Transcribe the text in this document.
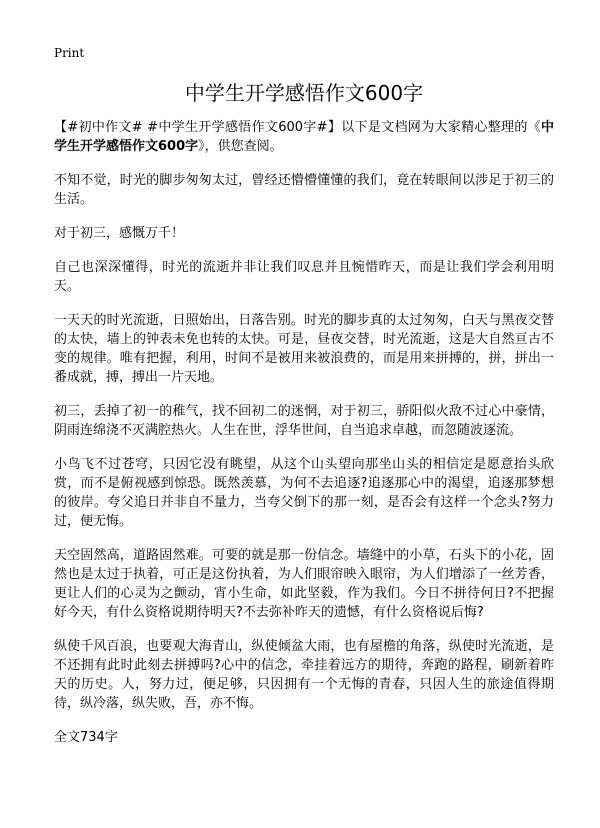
Print
中学生开学感悟作文600字

【#初中作文# #中学生开学感悟作文600字#】以下是文档网为大家精心整理的《中学生开学感悟作文600字》，供您查阅。

不知不觉，时光的脚步匆匆太过，曾经还懵懵懂懂的我们，竟在转眼间以涉足于初三的生活。

对于初三，感慨万千！

自己也深深懂得，时光的流逝并非让我们叹息并且惋惜昨天，而是让我们学会利用明天。

一天天的时光流逝，日照始出，日落告别。时光的脚步真的太过匆匆，白天与黑夜交替的太快，墙上的钟表未免也转的太快。可是，昼夜交替，时光流逝，这是大自然亘古不变的规律。唯有把握，利用，时间不是被用来被浪费的，而是用来拼搏的，拼，拼出一番成就，搏，搏出一片天地。

初三，丢掉了初一的稚气，找不回初二的迷惘，对于初三，骄阳似火敌不过心中豪情，阴雨连绵浇不灭满腔热火。人生在世，浮华世间，自当追求卓越，而忽随波逐流。

小鸟飞不过苍穹，只因它没有眺望，从这个山头望向那坐山头的相信定是愿意抬头欣赏，而不是俯视感到惊恐。既然羡慕，为何不去追逐?追逐那心中的渴望，追逐那梦想的彼岸。夸父追日并非自不量力，当夸父倒下的那一刻，是否会有这样一个念头?努力过，便无悔。

天空固然高，道路固然难。可要的就是那一份信念。墙缝中的小草，石头下的小花，固然也是太过于执着，可正是这份执着，为人们眼帘映入眼帘，为人们增添了一丝芳香，更让人们的心灵为之颤动，宵小生命，如此坚毅，作为我们。今日不拼待何日?不把握好今天，有什么资格说期待明天?不去弥补昨天的遗憾，有什么资格说后悔?

纵使千风百浪，也要观大海青山，纵使倾盆大雨，也有屋檐的角落，纵使时光流逝，是不还拥有此时此刻去拼搏吗?心中的信念，牵挂着远方的期待，奔跑的路程，刷新着昨天的历史。人，努力过，便足够，只因拥有一个无悔的青春，只因人生的旅途值得期待，纵冷落，纵失败，吾，亦不悔。

全文734字
